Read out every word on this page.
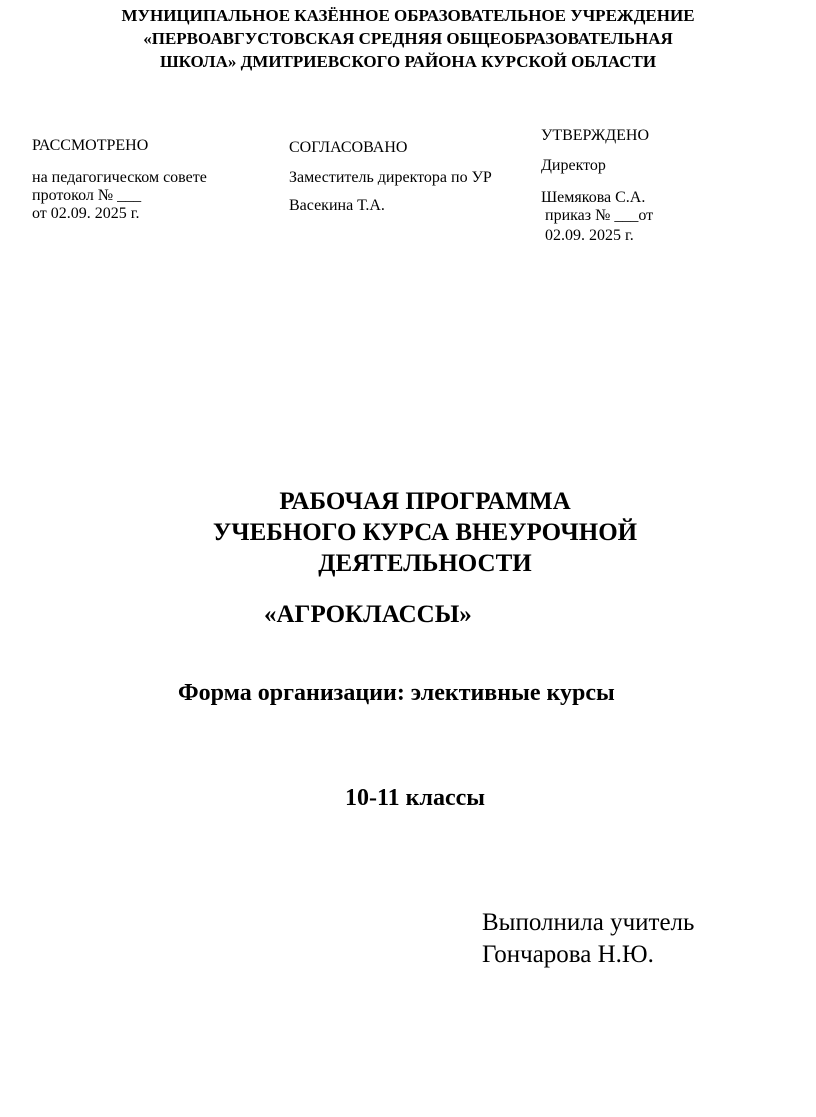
МУНИЦИПАЛЬНОЕ КАЗЁННОЕ ОБРАЗОВАТЕЛЬНОЕ УЧРЕЖДЕНИЕ
«ПЕРВОАВГУСТОВСКАЯ СРЕДНЯЯ ОБЩЕОБРАЗОВАТЕЛЬНАЯ
ШКОЛА» ДМИТРИЕВСКОГО РАЙОНА КУРСКОЙ ОБЛАСТИ
РАССМОТРЕНО
на педагогическом совете
протокол № ___
от 02.09. 2025 г.
СОГЛАСОВАНО
Заместитель директора по УР
Васекина Т.А.
УТВЕРЖДЕНО
Директор
Шемякова С.А.
приказ № ___от
02.09. 2025 г.
РАБОЧАЯ ПРОГРАММА
УЧЕБНОГО КУРСА ВНЕУРОЧНОЙ
ДЕЯТЕЛЬНОСТИ
«АГРОКЛАССЫ»
Форма организации: элективные курсы
10-11 классы
Выполнила учитель
Гончарова Н.Ю.
